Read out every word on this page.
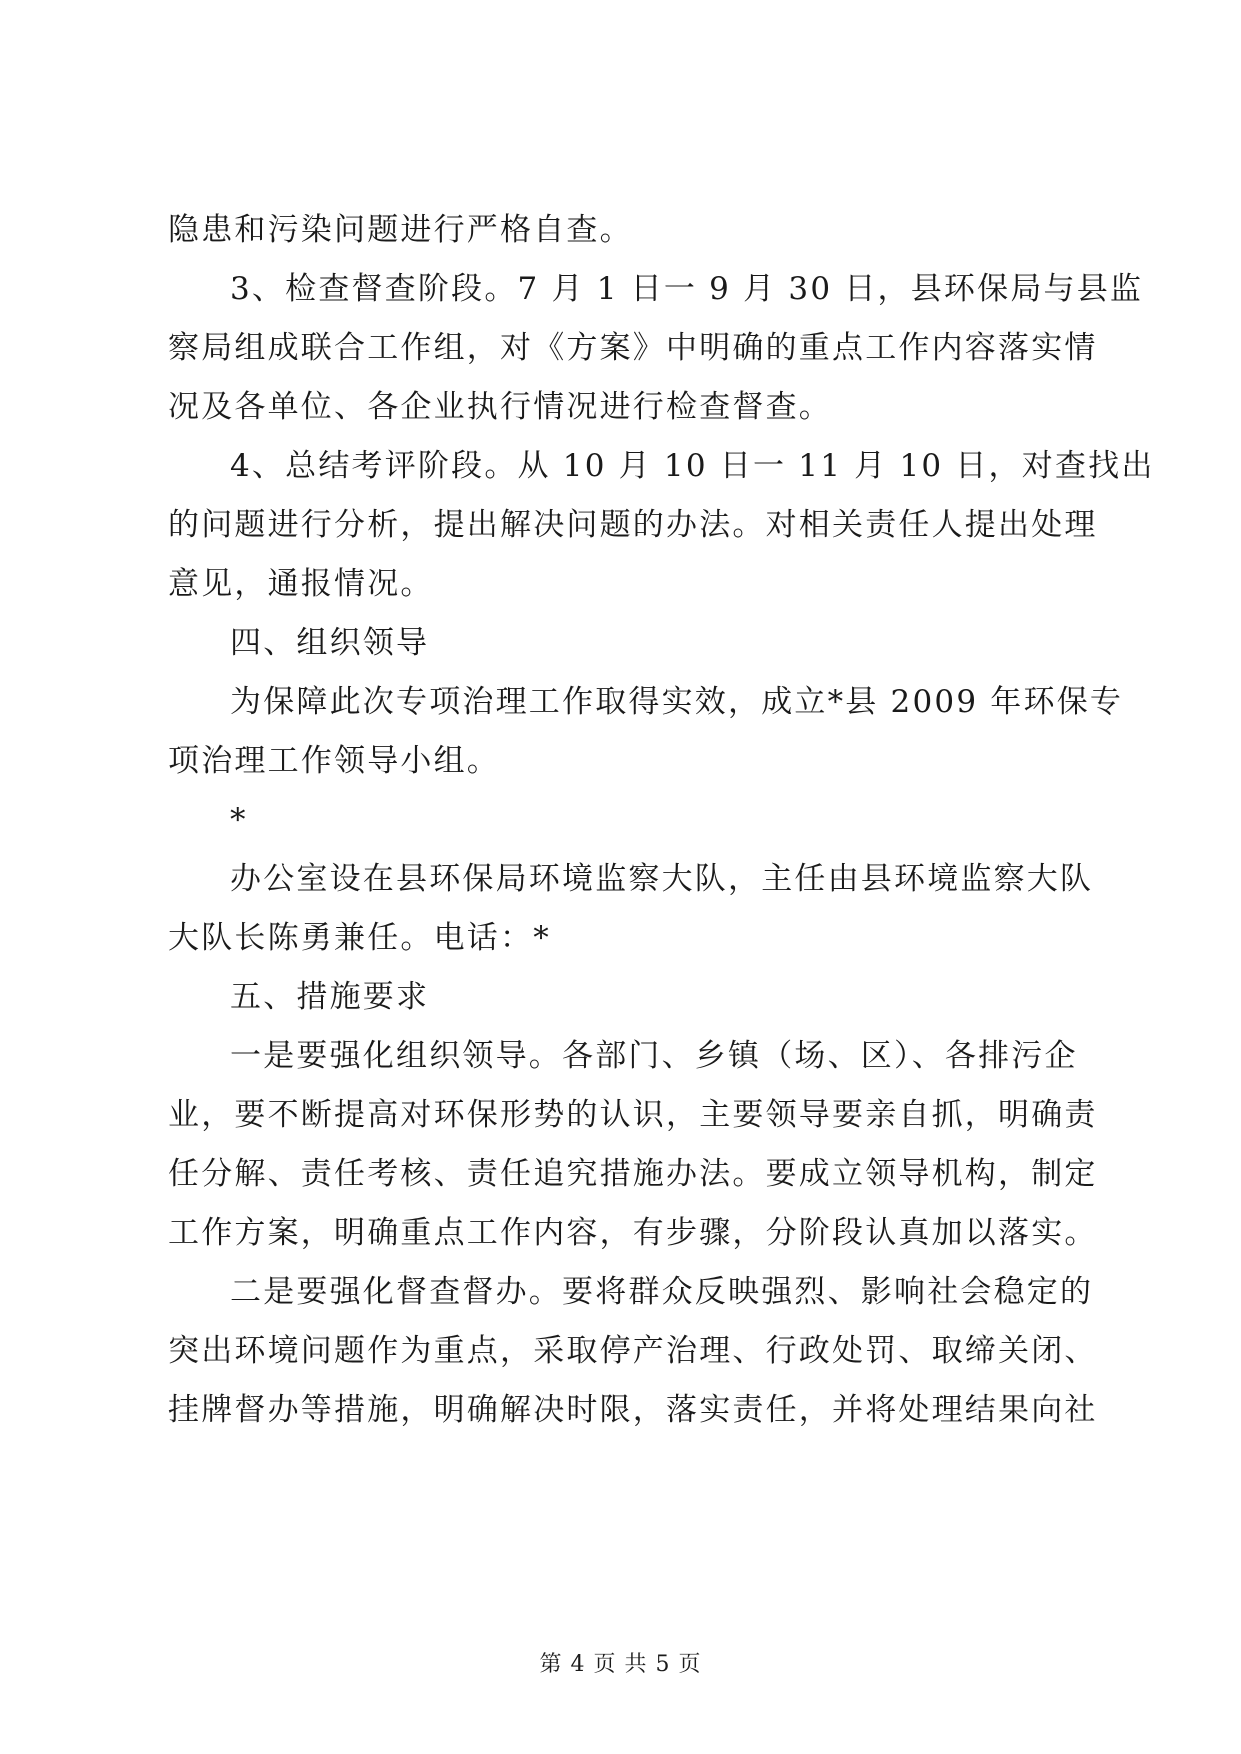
隐患和污染问题进行严格自查。
3、检查督查阶段。7 月 1 日一 9 月 30 日，县环保局与县监
察局组成联合工作组，对《方案》中明确的重点工作内容落实情
况及各单位、各企业执行情况进行检查督查。
4、总结考评阶段。从 10 月 10 日一 11 月 10 日，对查找出
的问题进行分析，提出解决问题的办法。对相关责任人提出处理
意见，通报情况。
四、组织领导
为保障此次专项治理工作取得实效，成立*县 2009 年环保专
项治理工作领导小组。
*
办公室设在县环保局环境监察大队，主任由县环境监察大队
大队长陈勇兼任。电话：*
五、措施要求
一是要强化组织领导。各部门、乡镇（场、区）、各排污企
业，要不断提高对环保形势的认识，主要领导要亲自抓，明确责
任分解、责任考核、责任追究措施办法。要成立领导机构，制定
工作方案，明确重点工作内容，有步骤，分阶段认真加以落实。
二是要强化督查督办。要将群众反映强烈、影响社会稳定的
突出环境问题作为重点，采取停产治理、行政处罚、取缔关闭、
挂牌督办等措施，明确解决时限，落实责任，并将处理结果向社
第 4 页 共 5 页
